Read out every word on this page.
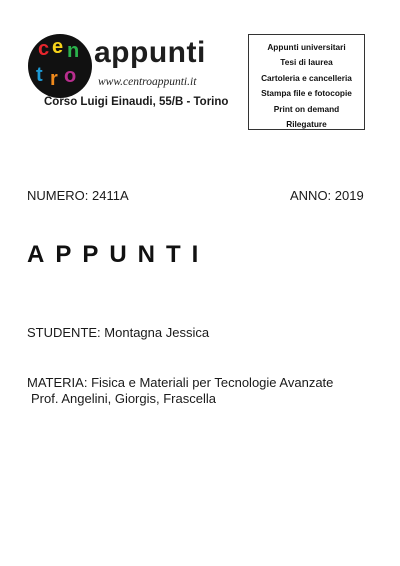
c e n
t r o
appunti
www.centroappunti.it
Corso Luigi Einaudi, 55/B - Torino
Appunti universitari
Tesi di laurea
Cartoleria e cancelleria
Stampa file e fotocopie
Print on demand
Rilegature
NUMERO: 2411A	ANNO: 2019
APPUNTI
STUDENTE: Montagna Jessica
MATERIA: Fisica e Materiali per Tecnologie Avanzate
Prof. Angelini, Giorgis, Frascella
